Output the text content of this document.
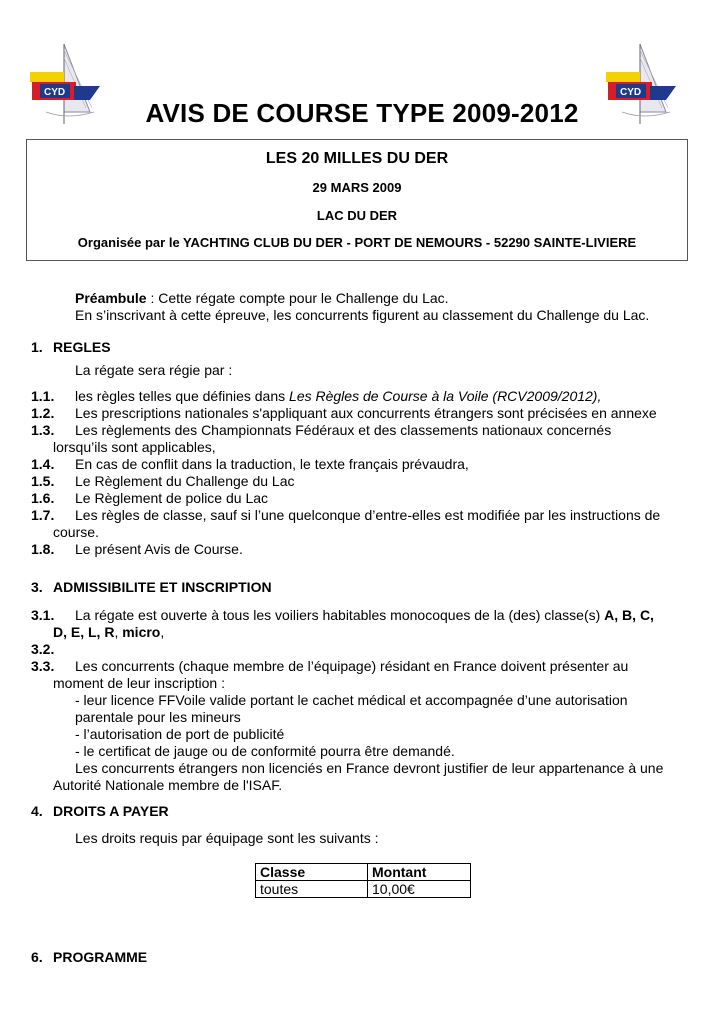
CYD	CYD
AVIS DE COURSE TYPE 2009-2012
LES 20 MILLES DU DER
29 MARS 2009
LAC DU DER
Organisée par le YACHTING CLUB DU DER - PORT DE NEMOURS - 52290 SAINTE-LIVIERE
Préambule : Cette régate compte pour le Challenge du Lac.
En s’inscrivant à cette épreuve, les concurrents figurent au classement du Challenge du Lac.
1. REGLES
La régate sera régie par :
1.1. les règles telles que définies dans Les Règles de Course à la Voile (RCV2009/2012),
1.2. Les prescriptions nationales s'appliquant aux concurrents étrangers sont précisées en annexe
1.3. Les règlements des Championnats Fédéraux et des classements nationaux concernés
lorsqu’ils sont applicables,
1.4. En cas de conflit dans la traduction, le texte français prévaudra,
1.5. Le Règlement du Challenge du Lac
1.6. Le Règlement de police du Lac
1.7. Les règles de classe, sauf si l’une quelconque d’entre-elles est modifiée par les instructions de
course.
1.8. Le présent Avis de Course.
3. ADMISSIBILITE ET INSCRIPTION
3.1. La régate est ouverte à tous les voiliers habitables monocoques de la (des) classe(s) A, B, C,
D, E, L, R, micro,
3.2.
3.3. Les concurrents (chaque membre de l’équipage) résidant en France doivent présenter au
moment de leur inscription :
- leur licence FFVoile valide portant le cachet médical et accompagnée d’une autorisation
parentale pour les mineurs
- l’autorisation de port de publicité
- le certificat de jauge ou de conformité pourra être demandé.
Les concurrents étrangers non licenciés en France devront justifier de leur appartenance à une
Autorité Nationale membre de l'ISAF.
4. DROITS A PAYER
Les droits requis par équipage sont les suivants :
Classe	Montant
toutes	10,00€
6. PROGRAMME
